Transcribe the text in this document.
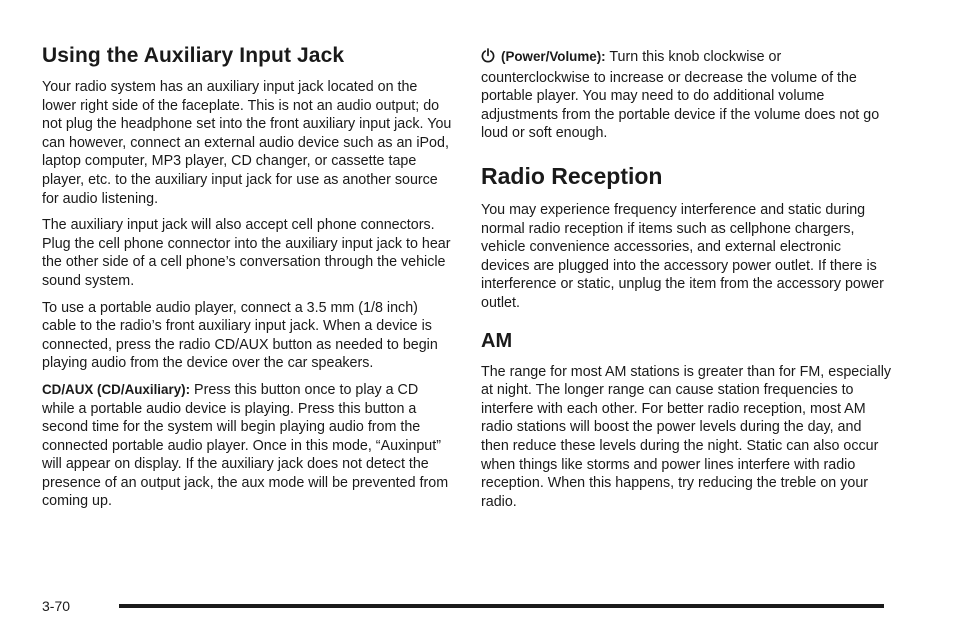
Using the Auxiliary Input Jack

Your radio system has an auxiliary input jack located on the lower right side of the faceplate. This is not an audio output; do not plug the headphone set into the front auxiliary input jack. You can however, connect an external audio device such as an iPod, laptop computer, MP3 player, CD changer, or cassette tape player, etc. to the auxiliary input jack for use as another source for audio listening.

The auxiliary input jack will also accept cell phone connectors. Plug the cell phone connector into the auxiliary input jack to hear the other side of a cell phone’s conversation through the vehicle sound system.

To use a portable audio player, connect a 3.5 mm (1/8 inch) cable to the radio’s front auxiliary input jack. When a device is connected, press the radio CD/AUX button as needed to begin playing audio from the device over the car speakers.

CD/AUX (CD/Auxiliary): Press this button once to play a CD while a portable audio device is playing. Press this button a second time for the system will begin playing audio from the connected portable audio player. Once in this mode, “Auxinput” will appear on display. If the auxiliary jack does not detect the presence of an output jack, the aux mode will be prevented from coming up.

(Power/Volume): Turn this knob clockwise or counterclockwise to increase or decrease the volume of the portable player. You may need to do additional volume adjustments from the portable device if the volume does not go loud or soft enough.

Radio Reception

You may experience frequency interference and static during normal radio reception if items such as cellphone chargers, vehicle convenience accessories, and external electronic devices are plugged into the accessory power outlet. If there is interference or static, unplug the item from the accessory power outlet.

AM

The range for most AM stations is greater than for FM, especially at night. The longer range can cause station frequencies to interfere with each other. For better radio reception, most AM radio stations will boost the power levels during the day, and then reduce these levels during the night. Static can also occur when things like storms and power lines interfere with radio reception. When this happens, try reducing the treble on your radio.

3-70
